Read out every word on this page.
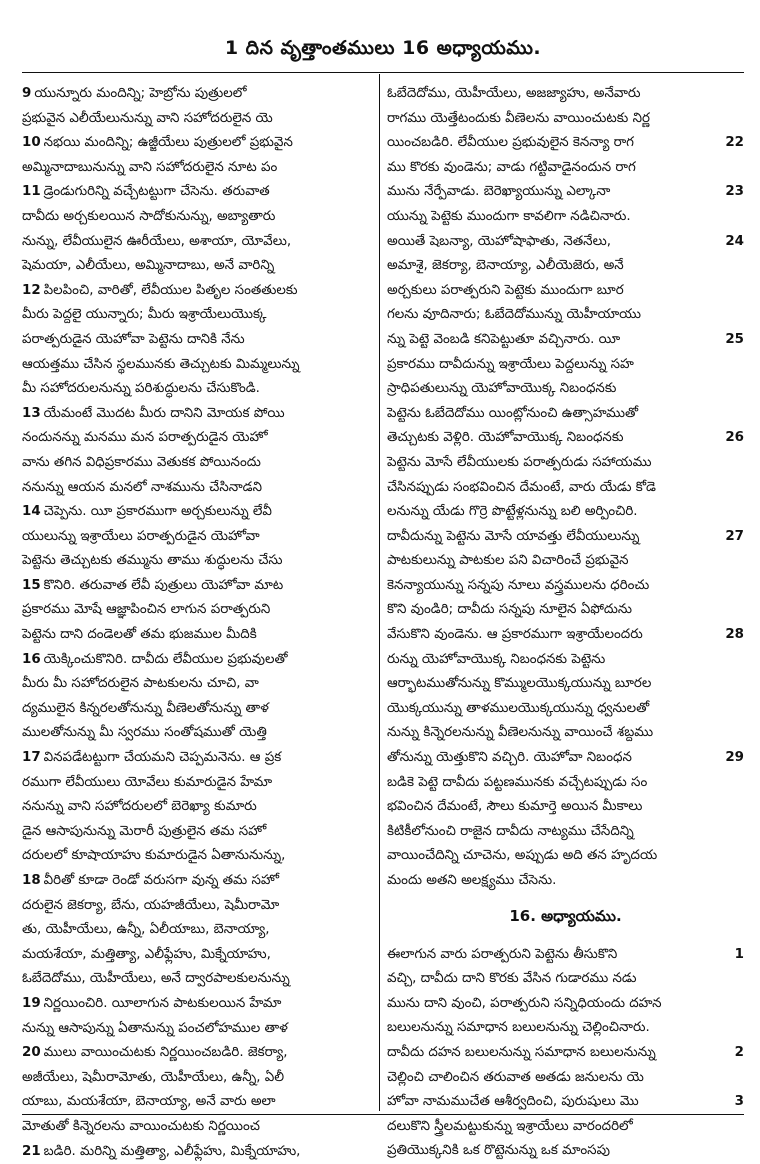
1 దిన వృత్తాంతములు 16 అధ్యాయము.
9 యున్నూరు మందిన్ని; హెబ్రోను పుత్రులలో
ప్రభువైన ఎలీయేలునున్ను వాని సహోదరులైన యె
10 నభయి మందిన్ని; ఉజ్జీయేలు పుత్రులలో ప్రభువైన
అమ్మినాదాబునున్ను వాని సహోదరులైన నూట పం
11 డ్రెండుగురిన్ని వచ్చేటట్టుగా చేసెను. తరువాత
దావీదు అర్చకులయిన సాదోకునున్ను, అబ్యాతారు
నున్ను, లేవీయులైన ఊరీయేలు, అశాయా, యోవేలు,
షెమయా, ఎలీయేలు, అమ్మినాదాబు, అనే వారిన్ని
12 పిలపించి, వారితో, లేవీయుల పితృల సంతతులకు
మీరు పెద్దలై యున్నారు; మీరు ఇశ్రాయేలుయొక్క
పరాత్పరుడైన యెహోవా పెట్టెను దానికి నేను
ఆయత్తము చేసిన స్థలమునకు తెచ్చుటకు మిమ్మలున్ను
మీ సహోదరులనున్ను పరిశుద్ధులను చేసుకొండి.
13 యేమంటే మొదట మీరు దానిని మోయక పోయి
నందునన్ను మనము మన పరాత్పరుడైన యెహో
వాను తగిన విధిప్రకారము వెతుకక పోయినందు
ననున్ను ఆయన మనలో నాశమును చేసినాడని
14 చెప్పెను. యీ ప్రకారముగా అర్చకులున్ను లేవీ
యులున్ను ఇశ్రాయేలు పరాత్పరుడైన యెహోవా
పెట్టెను తెచ్చుటకు తమ్మును తాము శుద్ధులను చేసు
15 కొనిరి. తరువాత లేవీ పుత్రులు యెహోవా మాట
ప్రకారము మోషే ఆజ్ఞాపించిన లాగున పరాత్పరుని
పెట్టెను దాని దండెలతో తమ భుజముల మీదికి
16 యెక్కించుకొనిరి. దావీదు లేవీయుల ప్రభువులతో
మీరు మీ సహోదరులైన పాటకులను చూచి, వా
ద్యములైన కిన్నరలతోనున్ను వీణెలతోనున్ను తాళ
ములతోనున్ను మీ స్వరము సంతోషముతో యెత్తి
17 వినపడేటట్టుగా చేయమని చెప్పమనెను. ఆ ప్రక
రముగా లేవీయులు యోవేలు కుమారుడైన హేమా
ననున్ను వాని సహోదరులలో బెరెఖ్యా కుమారు
డైన ఆసాపునున్ను మెరారీ పుత్రులైన తమ సహో
దరులలో కూషాయాహు కుమారుడైన ఏతానునున్ను,
18 వీరితో కూడా రెండో వరుసగా వున్న తమ సహో
దరులైన జెకర్యా, బేను, యహజీయేలు, షెమీరామో
తు, యెహీయేలు, ఉన్నీ, ఏలీయాబు, బెనాయ్యా,
మయశేయా, మత్తిత్యా, ఎలీఫ్లేహు, మిక్నేయాహు,
ఓబేదెదోము, యెహీయేలు, అనే ద్వారపాలకులనున్ను
19 నిర్ణయించిరి. యీలాగున పాటకులయిన హేమా
నున్ను ఆసాపున్ను ఏతానున్ను పంచలోహముల తాళ
20 ములు వాయించుటకు నిర్ణయించబడిరి. జెకర్యా,
అజీయేలు, షెమీరామోతు, యెహీయేలు, ఉన్నీ, ఏలీ
యాబు, మయశేయా, బెనాయ్యా, అనే వారు అలా
మోతుతో కిన్నెరలను వాయించుటకు నిర్ణయించ
21 బడిరి. మరిన్ని మత్తిత్యా, ఎలీఫ్లేహు, మిక్నేయాహు,
ఓబేదెదోము, యెహీయేలు, అజజ్యాహు, అనేవారు
రాగము యెత్తేటందుకు వీణెలను వాయించుటకు నిర్ణ
యించబడిరి. లేవీయుల ప్రభువులైన కెనన్యా రాగ	22
ము కొరకు వుండెను; వాడు గట్టివాడైనందున రాగ
మును నేర్పేవాడు. బెరెఖ్యాయున్ను ఎల్కానా	23
యున్ను పెట్టెకు ముందుగా కావలిగా నడిచినారు.
అయితే షెబన్యా, యెహోషాఫాతు, నెతనేలు,	24
అమాశై, జెకర్యా, బెనాయ్యా, ఎలీయెజెరు, అనే
అర్చకులు పరాత్పరుని పెట్టెకు ముందుగా బూర
గలను వూదినారు; ఓబేదెదోమున్ను యెహీయాయు
న్ను పెట్టె వెంబడి కనిపెట్టుతూ వచ్చినారు. యీ	25
ప్రకారము దావీదున్ను ఇశ్రాయేలు పెద్దలున్ను సహ
స్రాధిపతులున్ను యెహోవాయొక్క నిబంధనకు
పెట్టెను ఓబేదెదోము యింట్లోనుంచి ఉత్సాహముతో
తెచ్చుటకు వెళ్లిరి. యెహోవాయొక్క నిబంధనకు	26
పెట్టెను మోసే లేవీయులకు పరాత్పరుడు సహాయము
చేసినప్పుడు సంభవించిన దేమంటే, వారు యేడు కోడె
లనున్ను యేడు గొర్రె పొట్టేళ్లనున్ను బలి అర్పించిరి.
దావీదున్ను పెట్టెను మోసే యావత్తు లేవీయులున్ను	27
పాటకులున్ను పాటకుల పని విచారించే ప్రభువైన
కెనన్యాయున్ను సన్నపు నూలు వస్త్రములను ధరించు
కొని వుండిరి; దావీదు సన్నపు నూలైన ఏఫోదును
వేసుకొని వుండెను. ఆ ప్రకారముగా ఇశ్రాయేలందరు	28
రున్ను యెహోవాయొక్క నిబంధనకు పెట్టెను
ఆర్భాటముతోనున్ను కొమ్ములయొక్కయున్ను బూరల
యొక్కయున్ను తాళములయొక్కయున్ను ధ్వనులతో
నున్ను కిన్నెరలనున్ను వీణెలనున్ను వాయించే శబ్దము
తోనున్ను యెత్తుకొని వచ్చిరి. యెహోవా నిబంధన	29
బడికె పెట్టె దావీదు పట్టణమునకు వచ్చేటప్పుడు సం
భవించిన దేమంటే, సౌలు కుమార్తె అయిన మీకాలు
కిటికీలోనుంచి రాజైన దావీదు నాట్యము చేసేదిన్ని
వాయించేదిన్ని చూచెను, అప్పుడు అది తన హృదయ
మందు అతని అలక్ష్యము చేసెను.
16. అధ్యాయము.
ఈలాగున వారు పరాత్పరుని పెట్టెను తీసుకొని	1
వచ్చి, దావీదు దాని కొరకు వేసిన గుడారము నడు
మును దాని వుంచి, పరాత్పరుని సన్నిధియందు దహన
బలులనున్ను సమాధాన బలులనున్ను చెల్లించినారు.
దావీదు దహన బలులనున్ను సమాధాన బలులనున్ను	2
చెల్లించి చాలించిన తరువాత అతడు జనులను యె
హోవా నామముచేత ఆశీర్వదించి, పురుషులు మొ	3
దలుకొని స్త్రీలమట్టుకున్ను ఇశ్రాయేలు వారందరిలో
ప్రతియొక్కనికి ఒక రొట్టెనున్ను ఒక మాంసపు
